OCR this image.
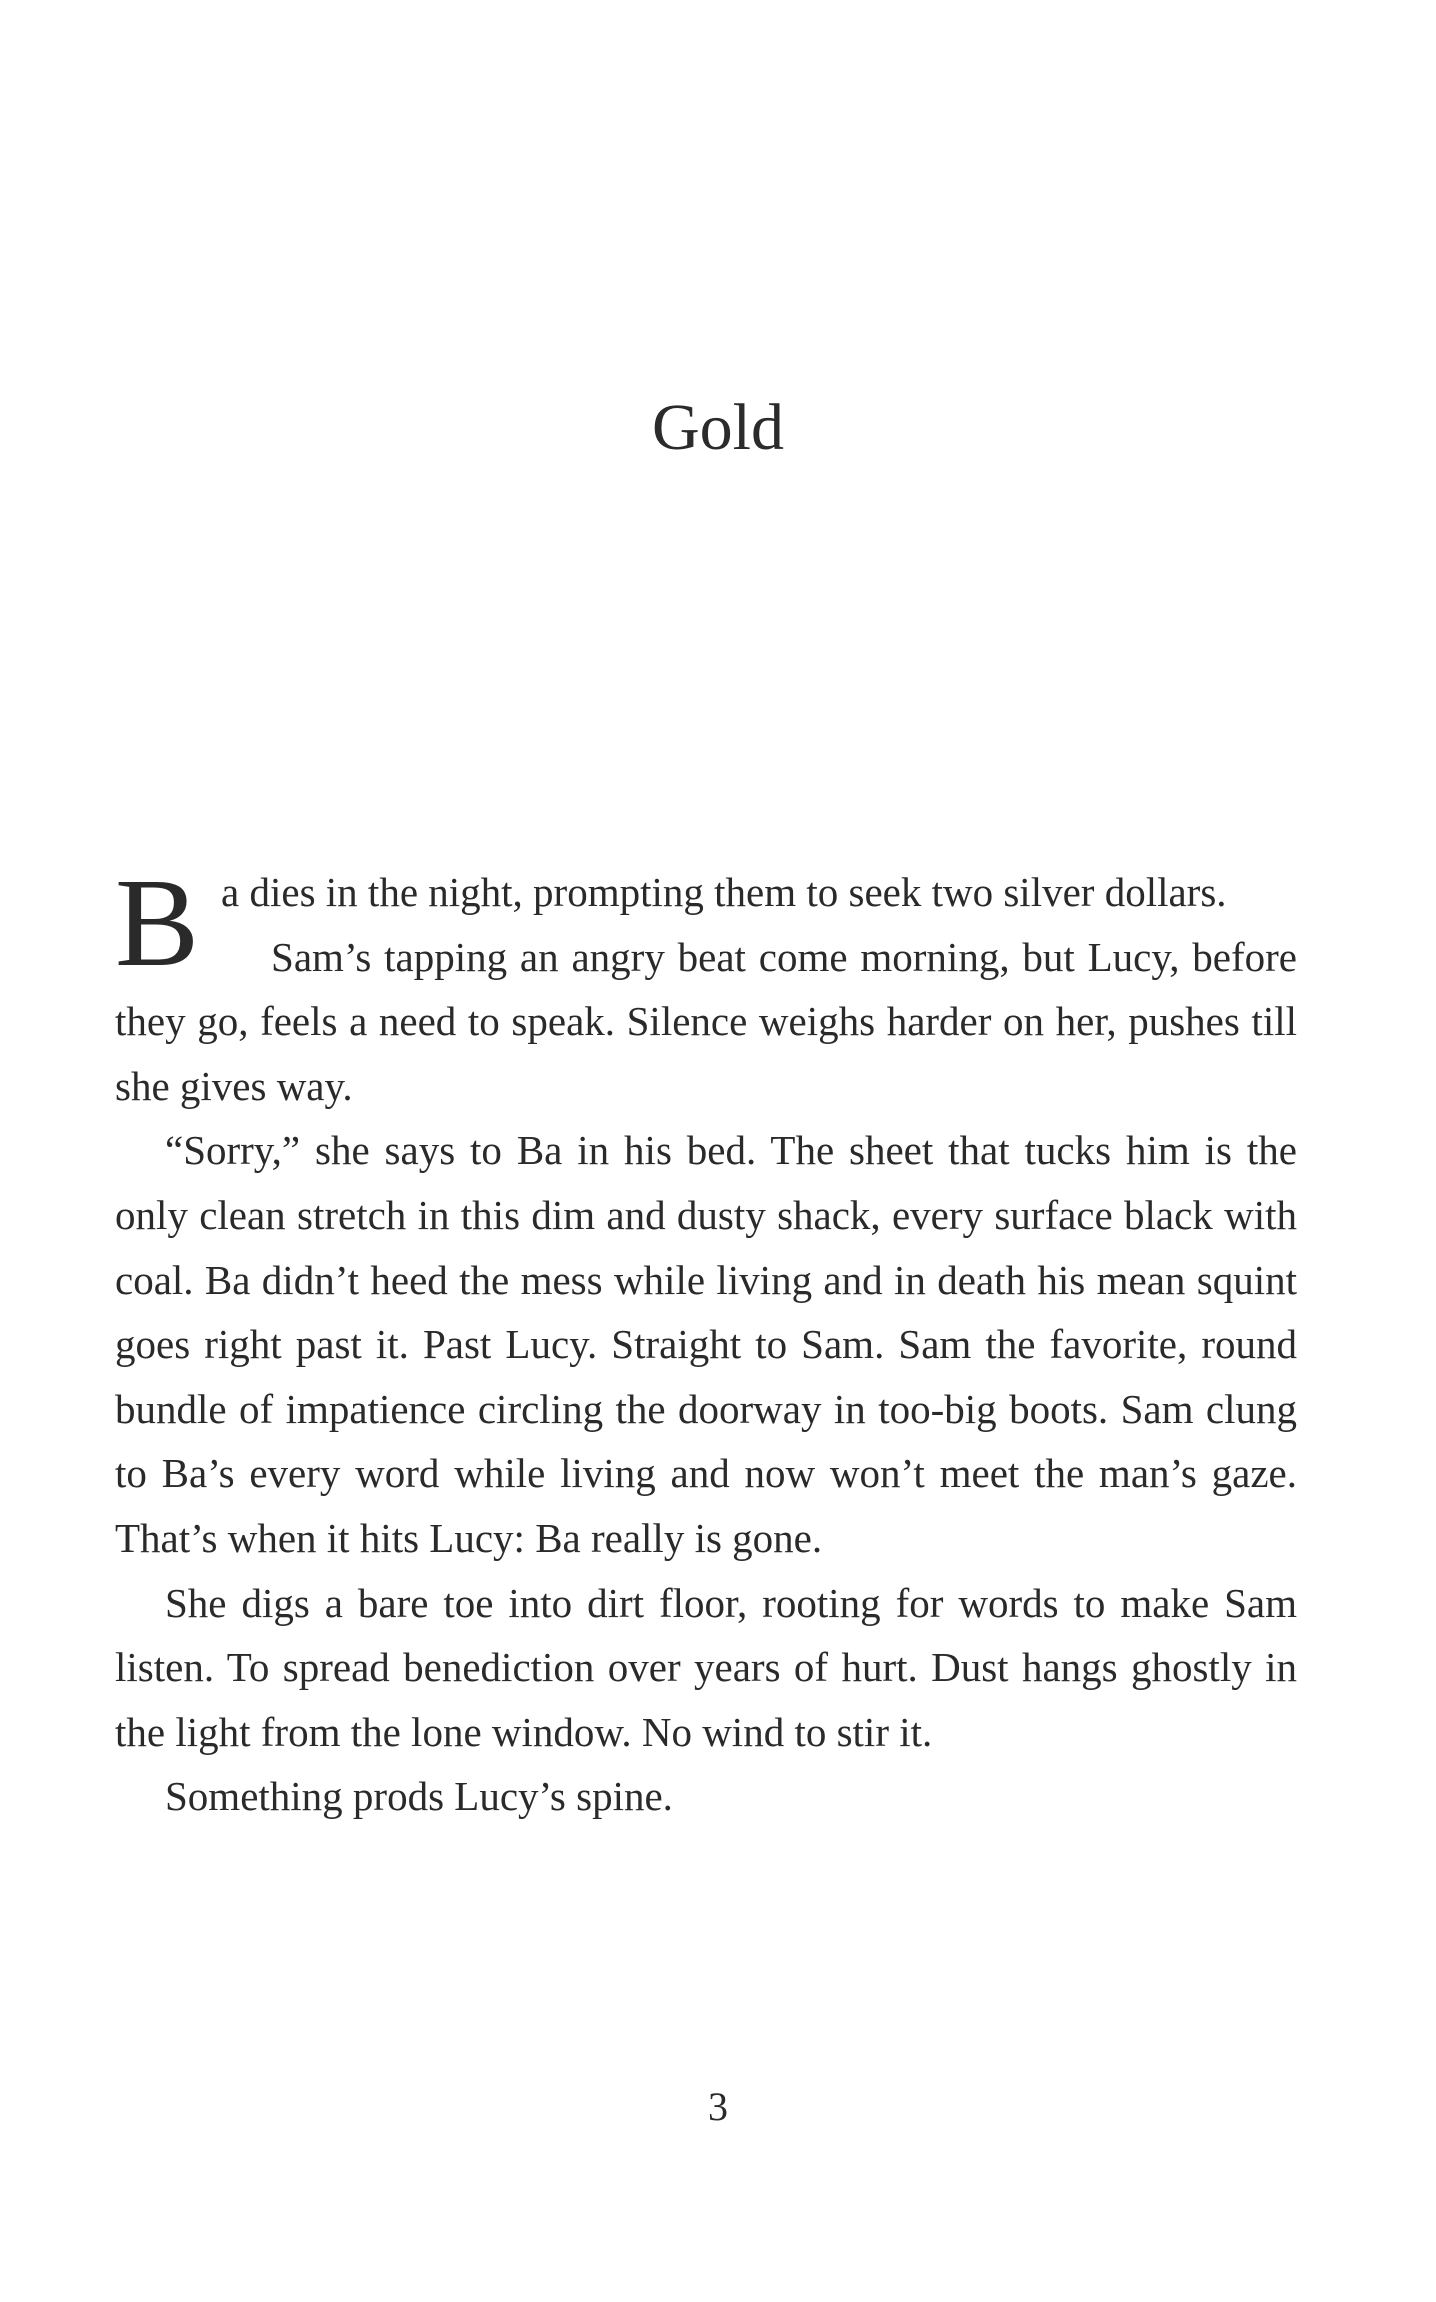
Gold

Ba dies in the night, prompting them to seek two silver dollars.

Sam’s tapping an angry beat come morning, but Lucy, before they go, feels a need to speak. Silence weighs harder on her, pushes till she gives way.

“Sorry,” she says to Ba in his bed. The sheet that tucks him is the only clean stretch in this dim and dusty shack, every surface black with coal. Ba didn’t heed the mess while living and in death his mean squint goes right past it. Past Lucy. Straight to Sam. Sam the favorite, round bundle of impatience circling the doorway in too-big boots. Sam clung to Ba’s every word while living and now won’t meet the man’s gaze. That’s when it hits Lucy: Ba really is gone.

She digs a bare toe into dirt floor, rooting for words to make Sam listen. To spread benediction over years of hurt. Dust hangs ghostly in the light from the lone window. No wind to stir it.

Something prods Lucy’s spine.

3
